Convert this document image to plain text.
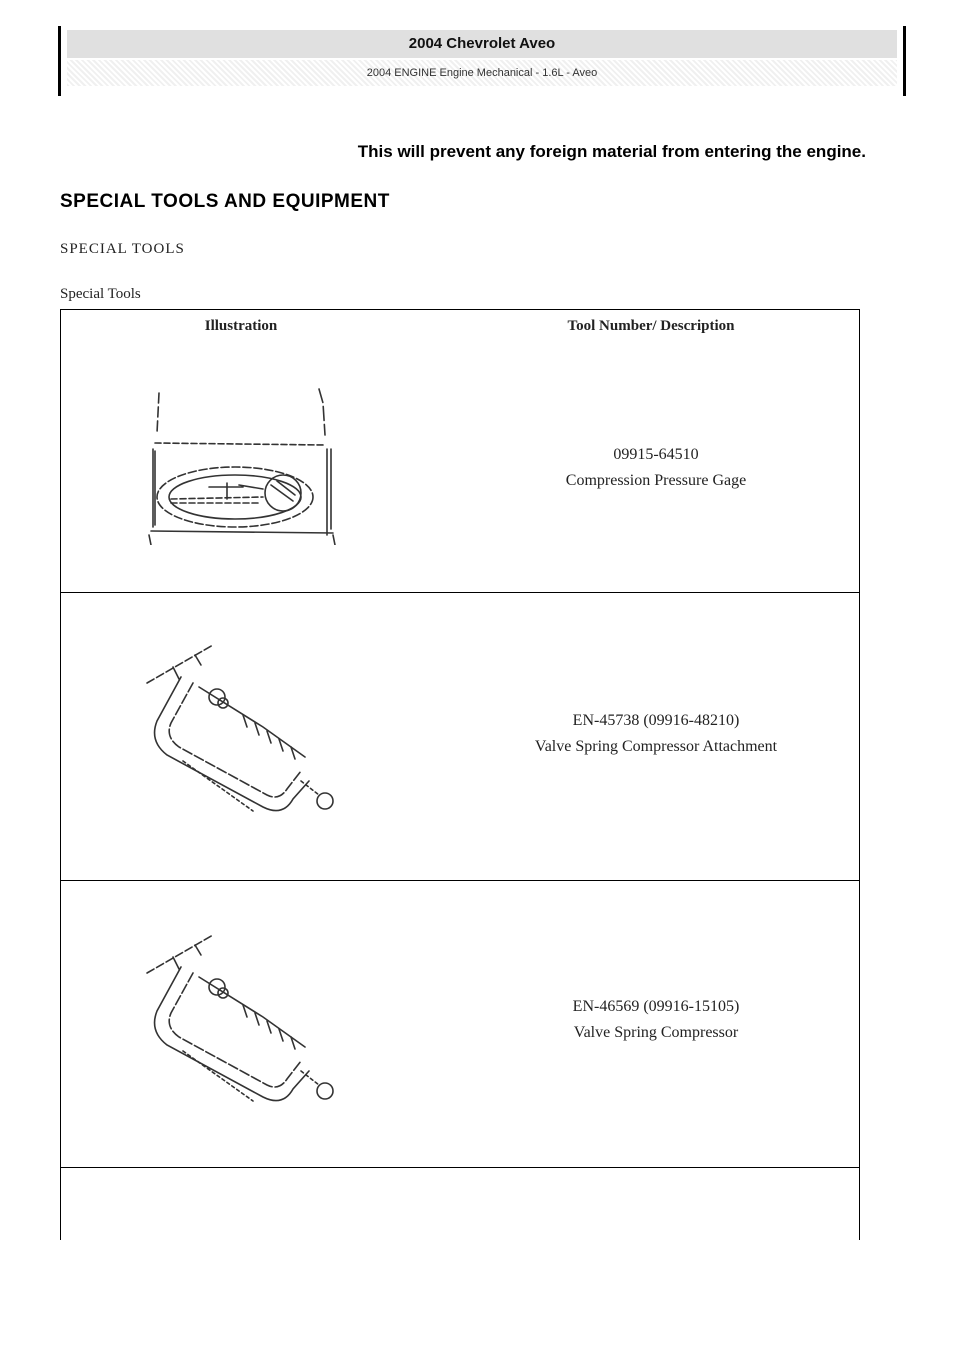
2004 Chevrolet Aveo
2004 ENGINE Engine Mechanical - 1.6L - Aveo
This will prevent any foreign material from entering the engine.
SPECIAL TOOLS AND EQUIPMENT
SPECIAL TOOLS
Special Tools
Illustration	Tool Number/ Description
09915-64510
Compression Pressure Gage
EN-45738 (09916-48210)
Valve Spring Compressor Attachment
EN-46569 (09916-15105)
Valve Spring Compressor
